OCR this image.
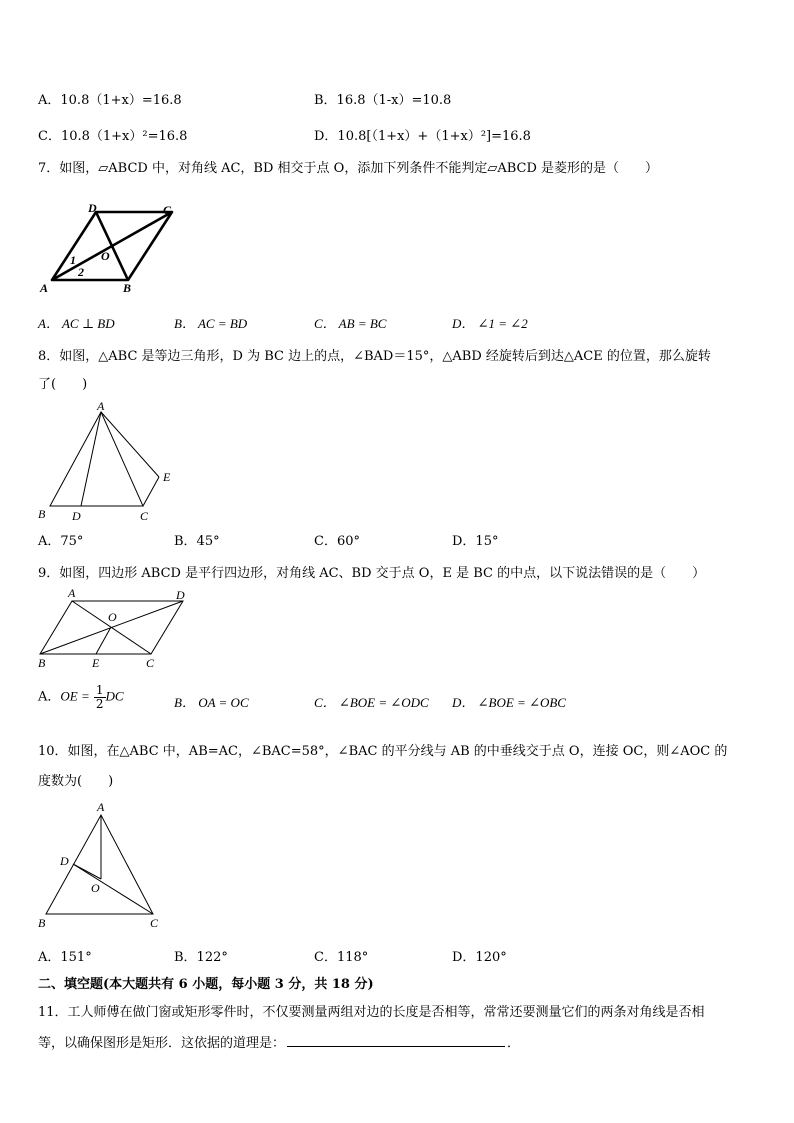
A．10.8（1+x）=16.8	B．16.8（1-x）=10.8
C．10.8（1+x）²=16.8	D．10.8[（1+x）+（1+x）²]=16.8
7．如图，▱ABCD 中，对角线 AC，BD 相交于点 O，添加下列条件不能判定▱ABCD 是菱形的是（　　）
D	C
O
1
2
A	B
A． AC ⊥ BD	B． AC = BD	C． AB = BC	D． ∠1 = ∠2
8．如图，△ABC 是等边三角形，D 为 BC 边上的点，∠BAD＝15°，△ABD 经旋转后到达△ACE 的位置，那么旋转
了(　　)
A
E
B D	C
A．75°	B．45°	C．60°	D．15°
9．如图，四边形 ABCD 是平行四边形，对角线 AC、BD 交于点 O，E 是 BC 的中点，以下说法错误的是（　　）
A	D
O
B	E	C
A．OE = $\frac{1}{2}$ DC	B． OA = OC	C． ∠BOE = ∠ODC D． ∠BOE = ∠OBC
10．如图，在△ABC 中，AB=AC，∠BAC=58°，∠BAC 的平分线与 AB 的中垂线交于点 O，连接 OC，则∠AOC 的
度数为(　　)
A
D
O
B	C
A．151°	B．122°	C．118°	D．120°
二、填空题(本大题共有 6 小题，每小题 3 分，共 18 分)
11．工人师傅在做门窗或矩形零件时，不仅要测量两组对边的长度是否相等，常常还要测量它们的两条对角线是否相
等，以确保图形是矩形．这依据的道理是：	．
